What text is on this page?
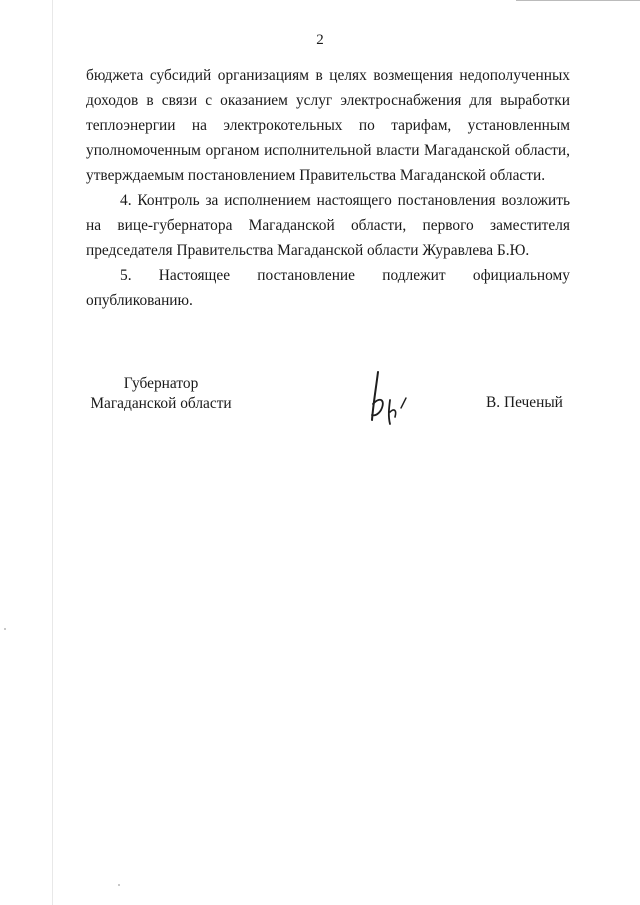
2

бюджета субсидий организациям в целях возмещения недополученных
доходов в связи с оказанием услуг электроснабжения для выработки
теплоэнергии на электрокотельных по тарифам, установленным
уполномоченным органом исполнительной власти Магаданской области,
утверждаемым постановлением Правительства Магаданской области.

4. Контроль за исполнением настоящего постановления возложить
на вице-губернатора Магаданской области, первого заместителя
председателя Правительства Магаданской области Журавлева Б.Ю.

5. Настоящее постановление подлежит официальному
опубликованию.

Губернатор
Магаданской области	В. Печеный
